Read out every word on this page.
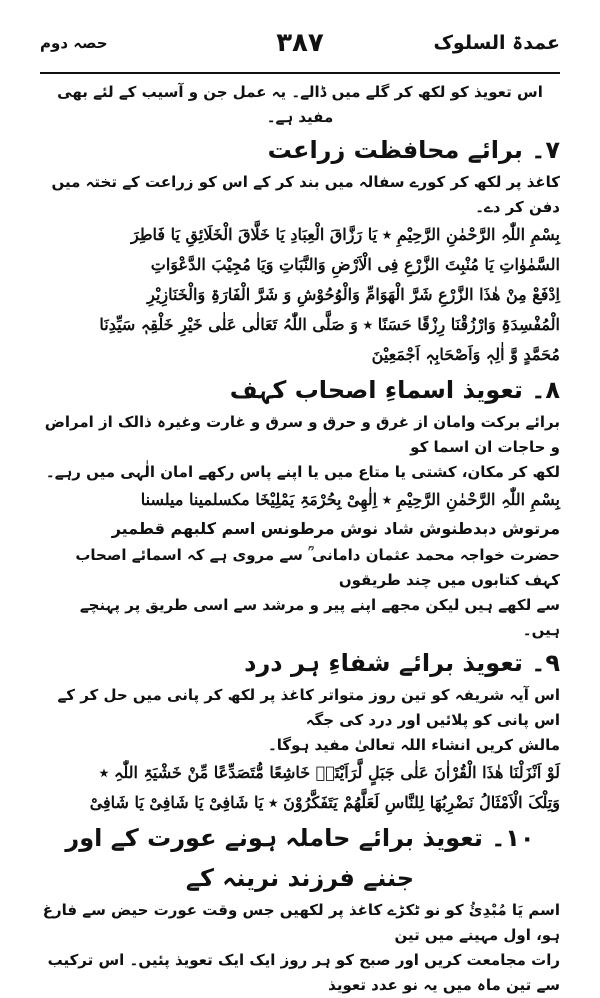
عمدۃ السلوک
۳۸۷
حصہ دوم
اس تعویذ کو لکھ کر گلے میں ڈالے۔ یہ عمل جن و آسیب کے لئے بھی مفید ہے۔
۷۔ برائے محافظت زراعت
کاغذ پر لکھ کر کورے سفالہ میں بند کر کے اس کو زراعت کے تختہ میں دفن کر دے۔
بِسْمِ اللّٰہِ الرَّحْمٰنِ الرَّحِیْمِ ٭ یَا رَزَّاقَ الْعِبَادِ یَا خَلَّاقَ الْخَلَائِقِ یَا فَاطِرَ
السَّمٰوٰاتِ یَا مُنْبِتَ الزَّرْعِ فِی الْاَرْضِ وَالنَّبَاتِ وَیَا مُجِیْبَ الدَّعْوَاتِ
اِدْفَعْ مِنْ ھٰذَا الزَّرْعِ شَرَّ الْھَوَامِّ وَالْوُحُوْشِ وَ شَرَّ الْفَارَۃِ وَالْخَنَازِیْرِ
الْمُفْسِدَۃِ وَارْزُقْنَا رِزْقًا حَسَنًا ٭ وَ صَلَّی اللّٰہُ تَعَالٰی عَلٰی خَیْرِ خَلْقِہٖ سَیِّدِنَا
مُحَمَّدٍ وَّ اٰلِہٖ وَاَصْحَابِہٖ اَجْمَعِیْنَ
۸۔ تعویذ اسماءِ اصحاب کہف
برائے برکت وامان از غرق و حرق و سرق و غارت وغیرہ ذالک از امراض و حاجات ان اسما کو
لکھ کر مکان، کشتی یا متاع میں یا اپنے پاس رکھے امان الٰہی میں رہے۔
بِسْمِ اللّٰہِ الرَّحْمٰنِ الرَّحِیْمِ ٭ اِلٰھِیْ بِحُرْمَۃِ یَمْلِیْخَا مکسلمینا میلسنا
مرتوش دبدطنوش شاد نوش مرطونس اسم کلبھم قطمیر
حضرت خواجہ محمد عثمان دامانی ؒ سے مروی ہے کہ اسمائے اصحاب کہف کتابوں میں چند طریقوں
سے لکھے ہیں لیکن مجھے اپنے پیر و مرشد سے اسی طریق پر پہنچے ہیں۔
۹۔ تعویذ برائے شفاءِ ہر درد
اس آیہ شریفہ کو تین روز متواتر کاغذ پر لکھ کر پانی میں حل کر کے اس پانی کو پلائیں اور درد کی جگہ
مالش کریں انشاء اللہ تعالیٰ مفید ہوگا۔
لَوْ اَنْزَلْنَا ھٰذَا الْقُرْاٰنَ عَلٰی جَبَلٍ لَّرَاَیْتَہٗ خَاشِعًا مُّتَصَدِّعًا مِّنْ خَشْیَۃِ اللّٰہِ ٭
وَتِلْکَ الْاَمْثَالُ نَضْرِبُھَا لِلنَّاسِ لَعَلَّھُمْ یَتَفَکَّرُوْنَ ٭ یَا شَافِیْ یَا شَافِیْ یَا شَافِیْ
۱۰۔ تعویذ برائے حاملہ ہونے عورت کے اور جننے فرزند نرینہ کے
اسم یَا مُبْدِیُٔ کو نو ٹکڑے کاغذ پر لکھیں جس وقت عورت حیض سے فارغ ہو، اول مہینے میں تین
رات مجامعت کریں اور صبح کو ہر روز ایک ایک تعویذ پئیں۔ اس ترکیب سے تین ماہ میں یہ نو عدد تعویذ
